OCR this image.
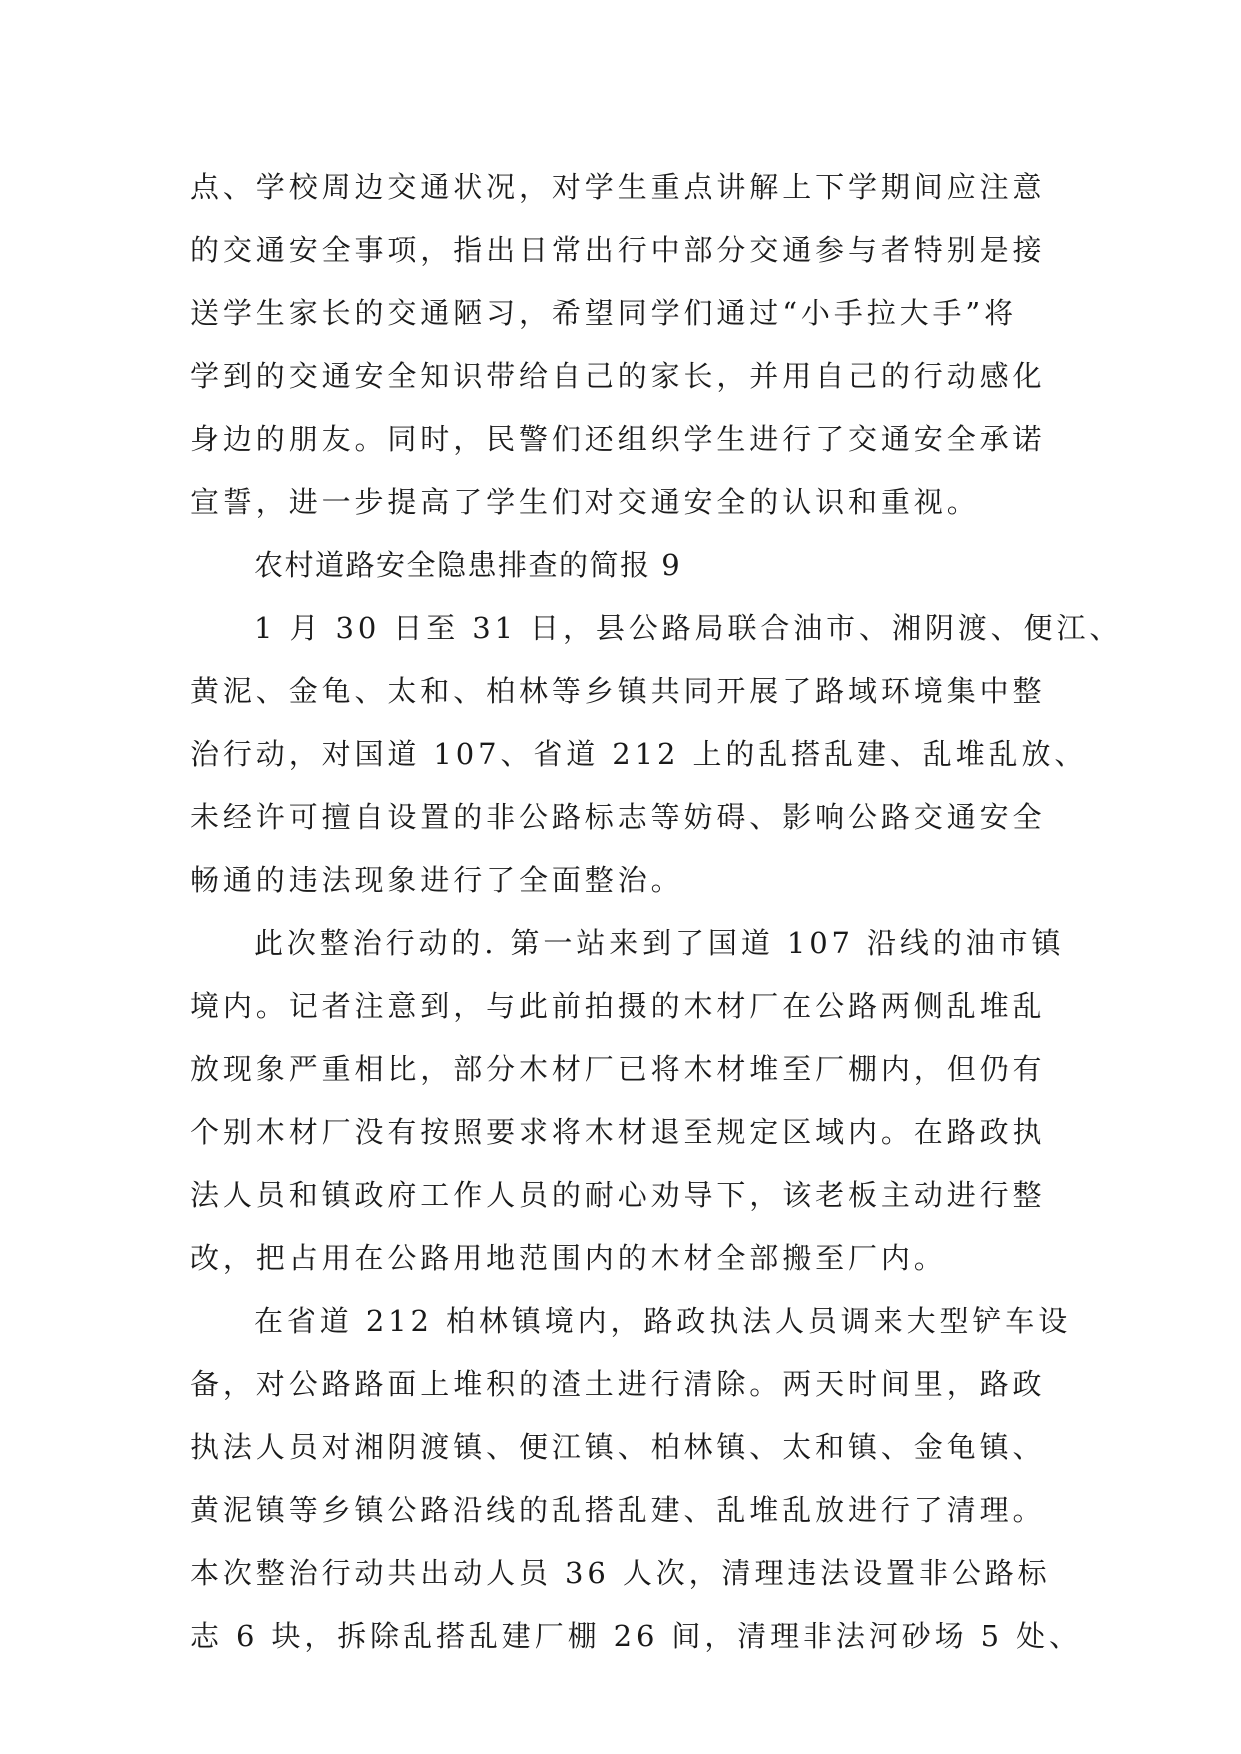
点、学校周边交通状况，对学生重点讲解上下学期间应注意
的交通安全事项，指出日常出行中部分交通参与者特别是接
送学生家长的交通陋习，希望同学们通过“小手拉大手”将
学到的交通安全知识带给自己的家长，并用自己的行动感化
身边的朋友。同时，民警们还组织学生进行了交通安全承诺
宣誓，进一步提高了学生们对交通安全的认识和重视。
农村道路安全隐患排查的简报 9
1 月 30 日至 31 日，县公路局联合油市、湘阴渡、便江、
黄泥、金龟、太和、柏林等乡镇共同开展了路域环境集中整
治行动，对国道 107、省道 212 上的乱搭乱建、乱堆乱放、
未经许可擅自设置的非公路标志等妨碍、影响公路交通安全
畅通的违法现象进行了全面整治。
此次整治行动的. 第一站来到了国道 107 沿线的油市镇
境内。记者注意到，与此前拍摄的木材厂在公路两侧乱堆乱
放现象严重相比，部分木材厂已将木材堆至厂棚内，但仍有
个别木材厂没有按照要求将木材退至规定区域内。在路政执
法人员和镇政府工作人员的耐心劝导下，该老板主动进行整
改，把占用在公路用地范围内的木材全部搬至厂内。
在省道 212 柏林镇境内，路政执法人员调来大型铲车设
备，对公路路面上堆积的渣土进行清除。两天时间里，路政
执法人员对湘阴渡镇、便江镇、柏林镇、太和镇、金龟镇、
黄泥镇等乡镇公路沿线的乱搭乱建、乱堆乱放进行了清理。
本次整治行动共出动人员 36 人次，清理违法设置非公路标
志 6 块，拆除乱搭乱建厂棚 26 间，清理非法河砂场 5 处、
